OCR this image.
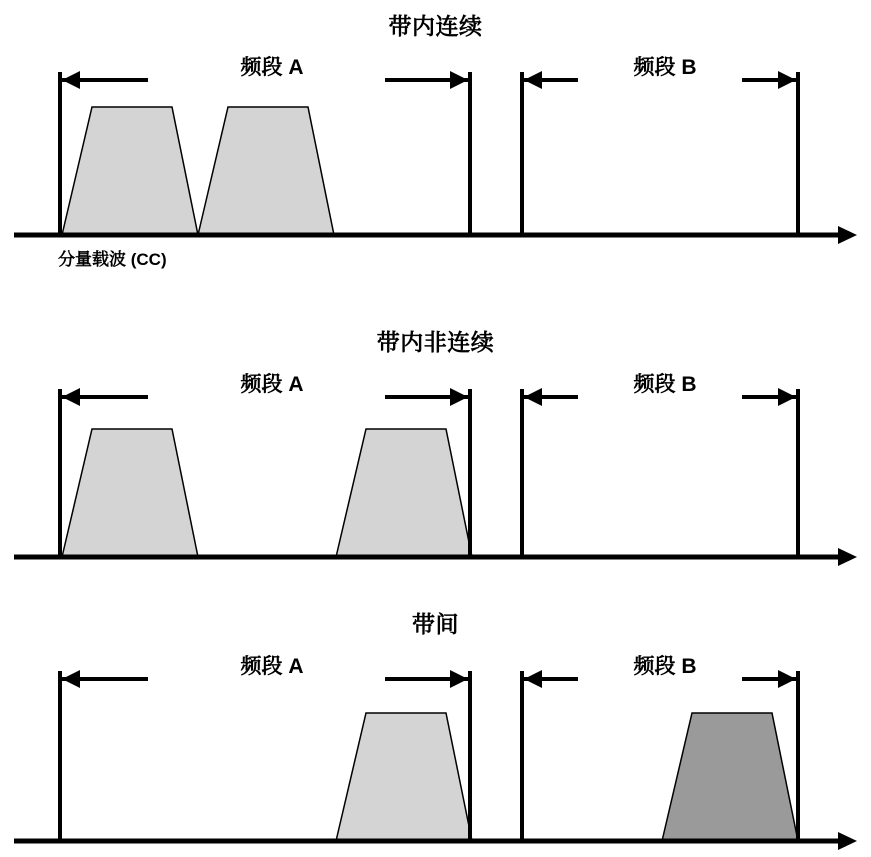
带内连续
频段 A	频段 B
分量载波 (CC)
带内非连续
频段 A	频段 B
带间
频段 A	频段 B
